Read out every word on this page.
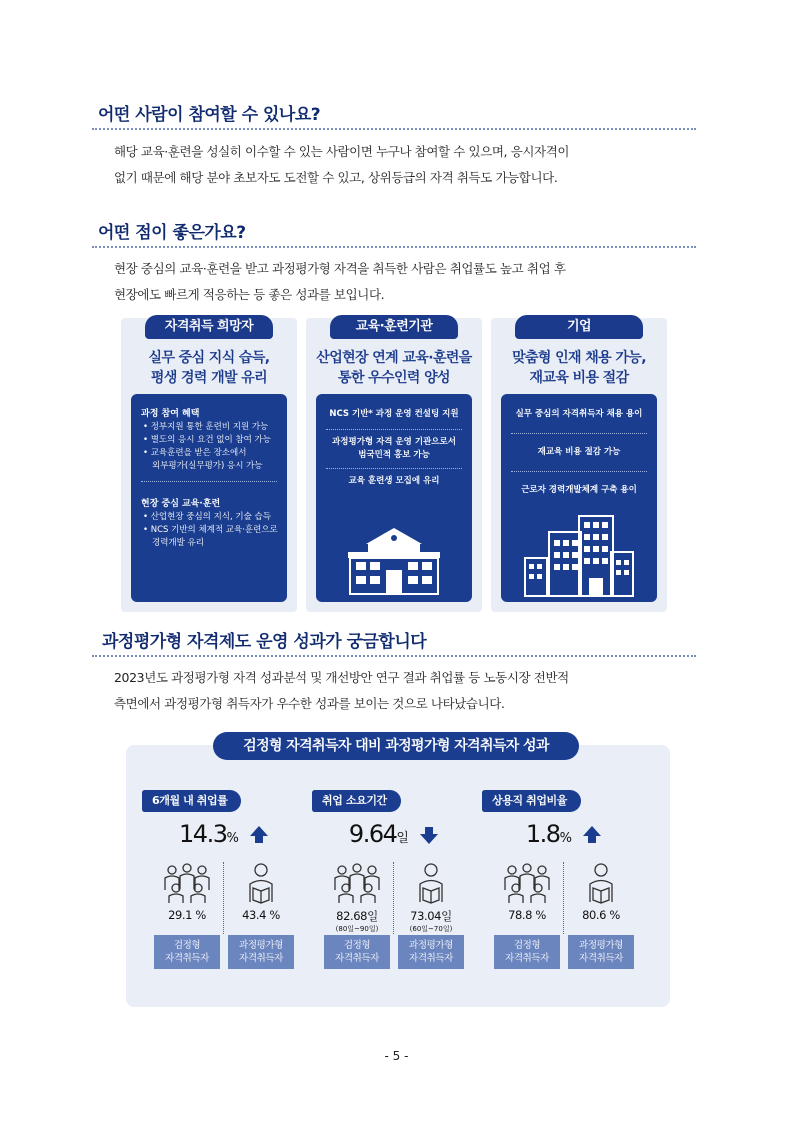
어떤 사람이 참여할 수 있나요?
해당 교육·훈련을 성실히 이수할 수 있는 사람이면 누구나 참여할 수 있으며, 응시자격이
없기 때문에 해당 분야 초보자도 도전할 수 있고, 상위등급의 자격 취득도 가능합니다.
어떤 점이 좋은가요?
현장 중심의 교육·훈련을 받고 과정평가형 자격을 취득한 사람은 취업률도 높고 취업 후
현장에도 빠르게 적응하는 등 좋은 성과를 보입니다.
자격취득 희망자
실무 중심 지식 습득,
평생 경력 개발 유리
과정 참여 혜택
• 정부지원 통한 훈련비 지원 가능
• 별도의 응시 요건 없이 참여 가능
• 교육훈련을 받은 장소에서
외부평가(실무평가) 응시 가능
현장 중심 교육·훈련
• 산업현장 중심의 지식, 기술 습득
• NCS 기반의 체계적 교육·훈련으로
경력개발 유리
교육·훈련기관
산업현장 연계 교육·훈련을
통한 우수인력 양성
NCS 기반* 과정 운영 컨설팅 지원
과정평가형 자격 운영 기관으로서
범국민적 홍보 가능
교육 훈련생 모집에 유리
기업
맞춤형 인재 채용 가능,
재교육 비용 절감
실무 중심의 자격취득자 채용 용이
재교육 비용 절감 가능
근로자 경력개발체계 구축 용이
과정평가형 자격제도 운영 성과가 궁금합니다
2023년도 과정평가형 자격 성과분석 및 개선방안 연구 결과 취업률 등 노동시장 전반적
측면에서 과정평가형 취득자가 우수한 성과를 보이는 것으로 나타났습니다.
검정형 자격취득자 대비 과정평가형 자격취득자 성과
6개월 내 취업률
14.3%
29.1 %	43.4 %
검정형
자격취득자
과정평가형
자격취득자
취업 소요기간
9.64일
82.68일	73.04일
(80일~90일)	(60일~70일)
검정형
자격취득자
과정평가형
자격취득자
상용직 취업비율
1.8%
78.8 %	80.6 %
검정형
자격취득자
과정평가형
자격취득자
- 5 -
